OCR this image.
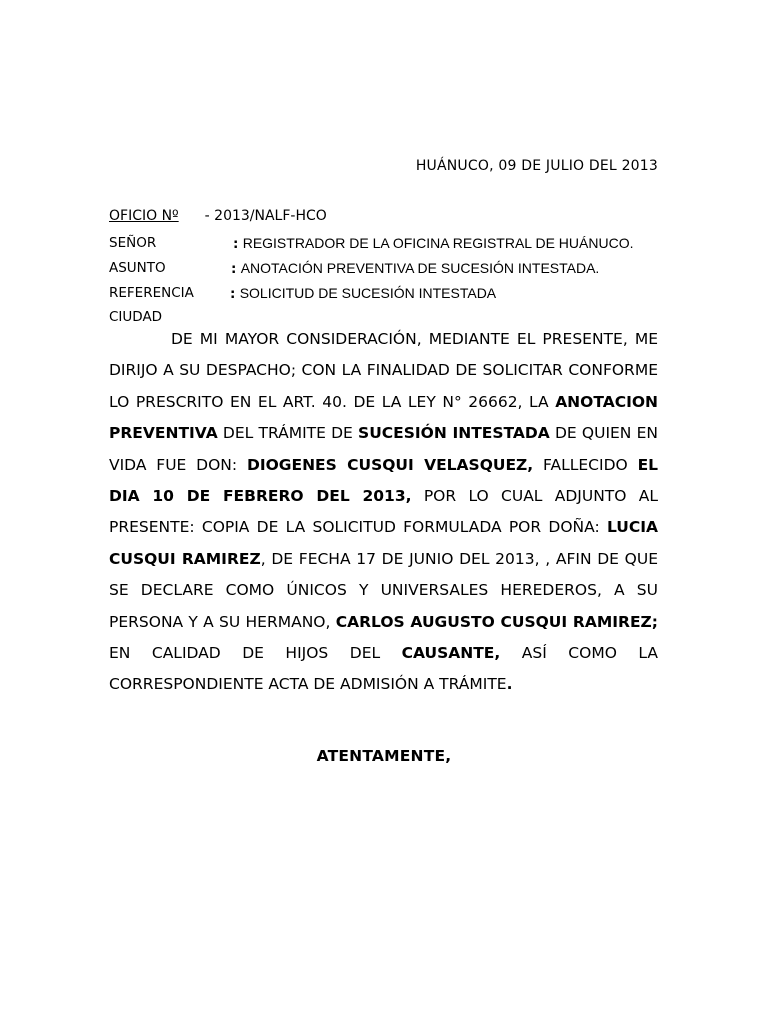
HUÁNUCO, 09 DE JULIO DEL 2013
OFICIO Nº - 2013/NALF-HCO
SEÑOR	: REGISTRADOR DE LA OFICINA REGISTRAL DE HUÁNUCO.
ASUNTO	: ANOTACIÓN PREVENTIVA DE SUCESIÓN INTESTADA.
REFERENCIA	: SOLICITUD DE SUCESIÓN INTESTADA
CIUDAD
DE MI MAYOR CONSIDERACIÓN, MEDIANTE EL PRESENTE, ME DIRIJO A SU DESPACHO; CON LA FINALIDAD DE SOLICITAR CONFORME LO PRESCRITO EN EL ART. 40. DE LA LEY N° 26662, LA ANOTACION PREVENTIVA DEL TRÁMITE DE SUCESIÓN INTESTADA DE QUIEN EN VIDA FUE DON: DIOGENES CUSQUI VELASQUEZ, FALLECIDO EL DIA 10 DE FEBRERO DEL 2013, POR LO CUAL ADJUNTO AL PRESENTE: COPIA DE LA SOLICITUD FORMULADA POR DOÑA: LUCIA CUSQUI RAMIREZ, DE FECHA 17 DE JUNIO DEL 2013, , AFIN DE QUE SE DECLARE COMO ÚNICOS Y UNIVERSALES HEREDEROS, A SU PERSONA Y A SU HERMANO, CARLOS AUGUSTO CUSQUI RAMIREZ; EN CALIDAD DE HIJOS DEL CAUSANTE, ASÍ COMO LA CORRESPONDIENTE ACTA DE ADMISIÓN A TRÁMITE.
ATENTAMENTE,
